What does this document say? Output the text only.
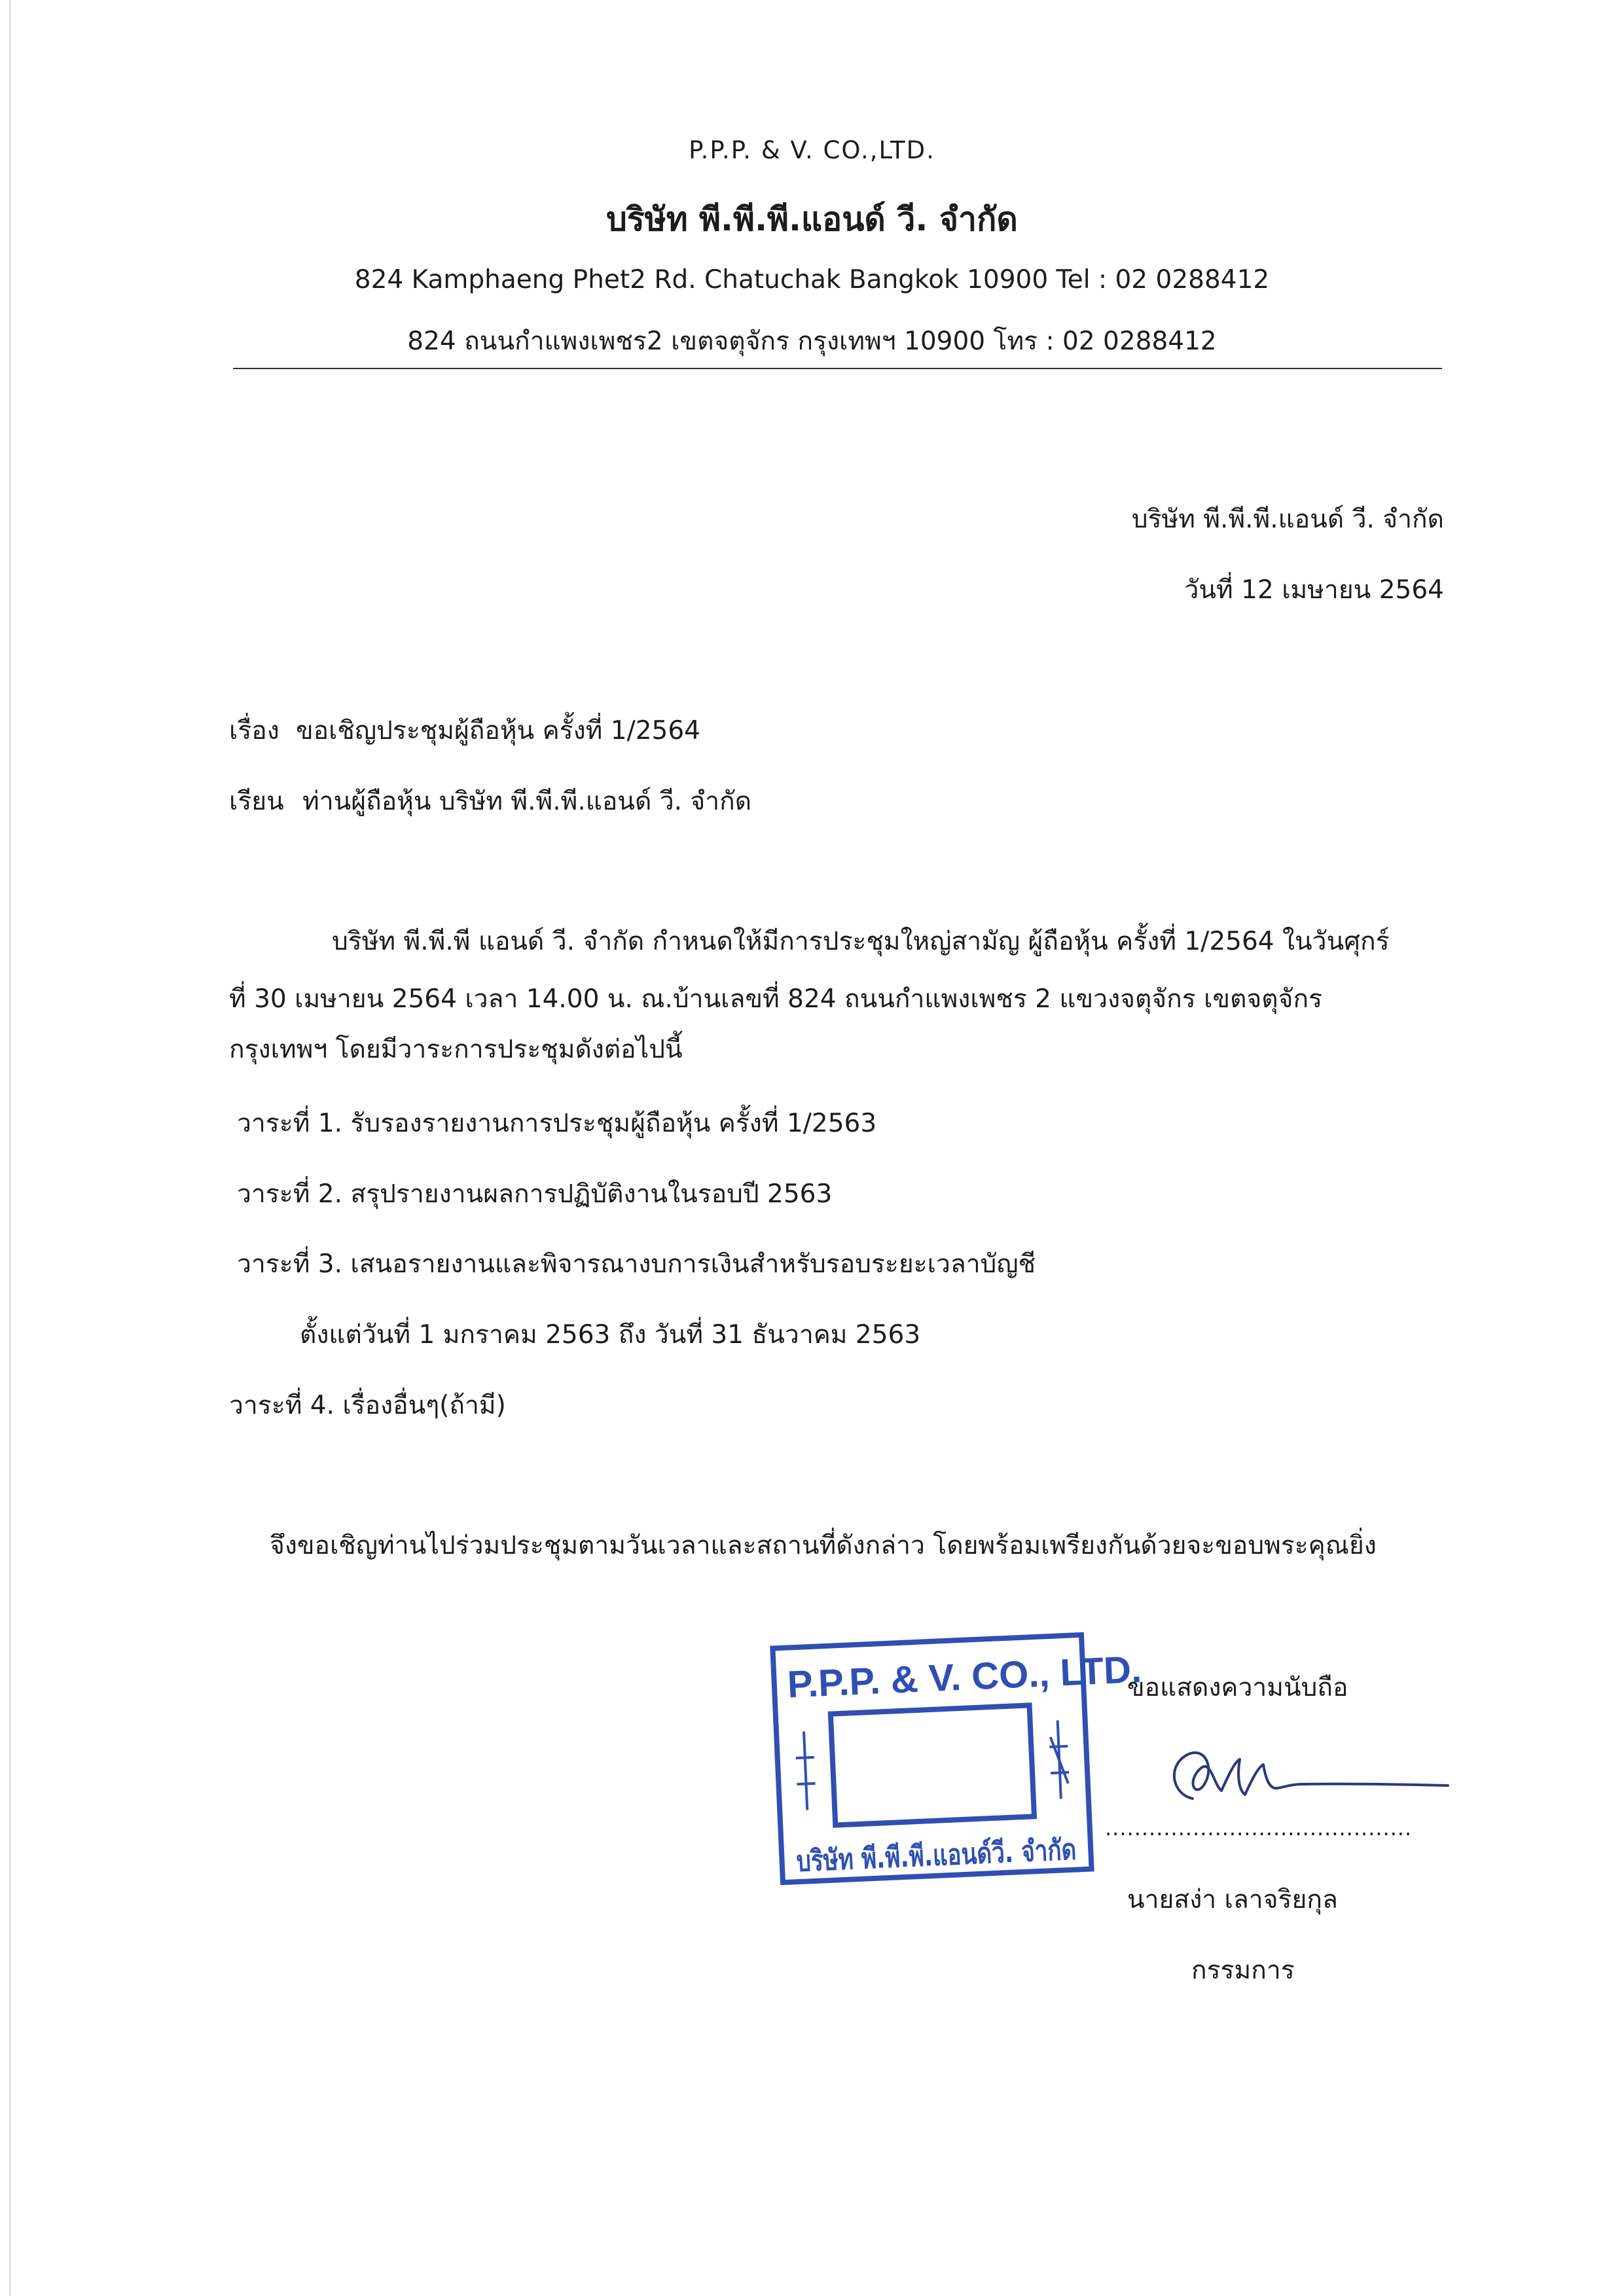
P.P.P. & V. CO.,LTD.
บริษัท พี.พี.พี.แอนด์ วี. จำกัด
824 Kamphaeng Phet2 Rd. Chatuchak Bangkok 10900 Tel : 02 0288412
824 ถนนกำแพงเพชร2 เขตจตุจักร กรุงเทพฯ 10900 โทร : 02 0288412
บริษัท พี.พี.พี.แอนด์ วี. จำกัด
วันที่ 12 เมษายน 2564
เรื่อง ขอเชิญประชุมผู้ถือหุ้น ครั้งที่ 1/2564
เรียน ท่านผู้ถือหุ้น บริษัท พี.พี.พี.แอนด์ วี. จำกัด
บริษัท พี.พี.พี แอนด์ วี. จำกัด กำหนดให้มีการประชุมใหญ่สามัญ ผู้ถือหุ้น ครั้งที่ 1/2564 ในวันศุกร์
ที่ 30 เมษายน 2564 เวลา 14.00 น. ณ.บ้านเลขที่ 824 ถนนกำแพงเพชร 2 แขวงจตุจักร เขตจตุจักร
กรุงเทพฯ โดยมีวาระการประชุมดังต่อไปนี้
วาระที่ 1. รับรองรายงานการประชุมผู้ถือหุ้น ครั้งที่ 1/2563
วาระที่ 2. สรุปรายงานผลการปฏิบัติงานในรอบปี 2563
วาระที่ 3. เสนอรายงานและพิจารณางบการเงินสำหรับรอบระยะเวลาบัญชี
ตั้งแต่วันที่ 1 มกราคม 2563 ถึง วันที่ 31 ธันวาคม 2563
วาระที่ 4. เรื่องอื่นๆ(ถ้ามี)
จึงขอเชิญท่านไปร่วมประชุมตามวันเวลาและสถานที่ดังกล่าว โดยพร้อมเพรียงกันด้วยจะขอบพระคุณยิ่ง
P.P.P. & V. CO., LTD.
บริษัท พี.พี.พี.แอนด์วี. จำกัด
ขอแสดงความนับถือ
..........................................
นายสง่า เลาจริยกุล
กรรมการ
